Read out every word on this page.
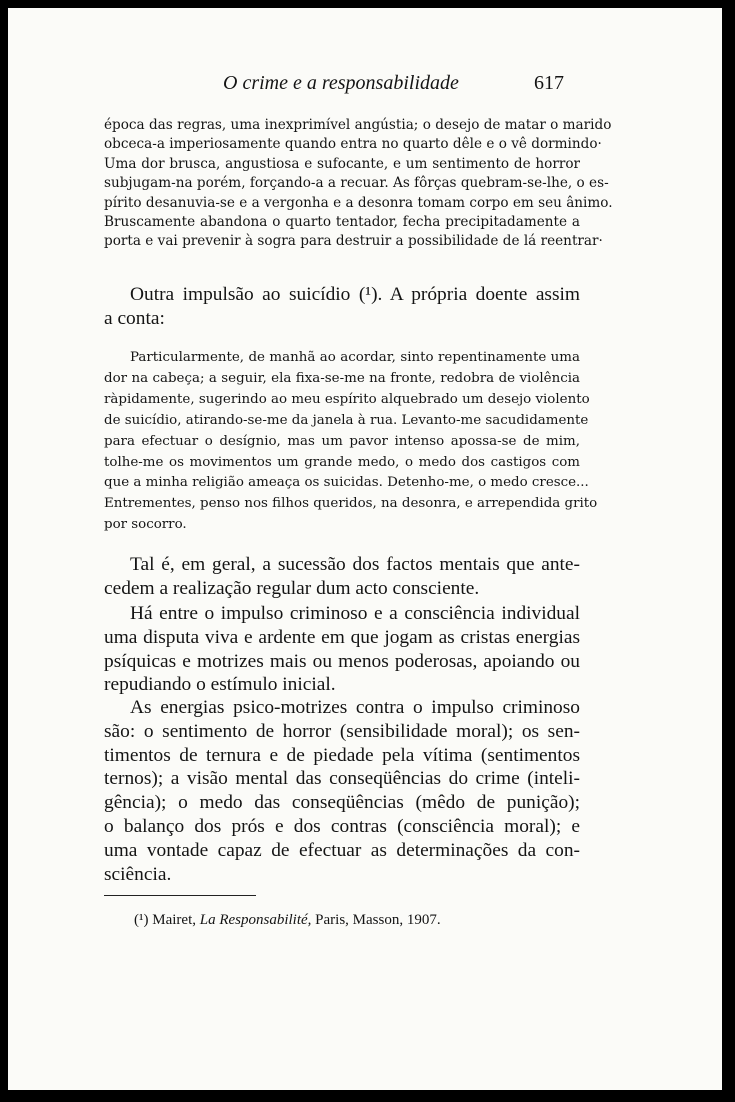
O crime e a responsabilidade	617
época das regras, uma inexprimível angústia; o desejo de matar o marido
obceca-a imperiosamente quando entra no quarto dêle e o vê dormindo·
Uma dor brusca, angustiosa e sufocante, e um sentimento de horror
subjugam-na porém, forçando-a a recuar. As fôrças quebram-se-lhe, o es-
pírito desanuvia-se e a vergonha e a desonra tomam corpo em seu ânimo.
Bruscamente abandona o quarto tentador, fecha precipitadamente a
porta e vai prevenir à sogra para destruir a possibilidade de lá reentrar·
Outra impulsão ao suicídio (¹). A própria doente assim
a conta:
Particularmente, de manhã ao acordar, sinto repentinamente uma
dor na cabeça; a seguir, ela fixa-se-me na fronte, redobra de violência
ràpidamente, sugerindo ao meu espírito alquebrado um desejo violento
de suicídio, atirando-se-me da janela à rua. Levanto-me sacudidamente
para efectuar o desígnio, mas um pavor intenso apossa-se de mim,
tolhe-me os movimentos um grande medo, o medo dos castigos com
que a minha religião ameaça os suicidas. Detenho-me, o medo cresce...
Entrementes, penso nos filhos queridos, na desonra, e arrependida grito
por socorro.
Tal é, em geral, a sucessão dos factos mentais que ante-
cedem a realização regular dum acto consciente.
Há entre o impulso criminoso e a consciência individual
uma disputa viva e ardente em que jogam as cristas energias
psíquicas e motrizes mais ou menos poderosas, apoiando ou
repudiando o estímulo inicial.
As energias psico-motrizes contra o impulso criminoso
são: o sentimento de horror (sensibilidade moral); os sen-
timentos de ternura e de piedade pela vítima (sentimentos
ternos); a visão mental das conseqüências do crime (inteli-
gência); o medo das conseqüências (mêdo de punição);
o balanço dos prós e dos contras (consciência moral); e
uma vontade capaz de efectuar as determinações da con-
sciência.
(¹) Mairet, La Responsabilité, Paris, Masson, 1907.
